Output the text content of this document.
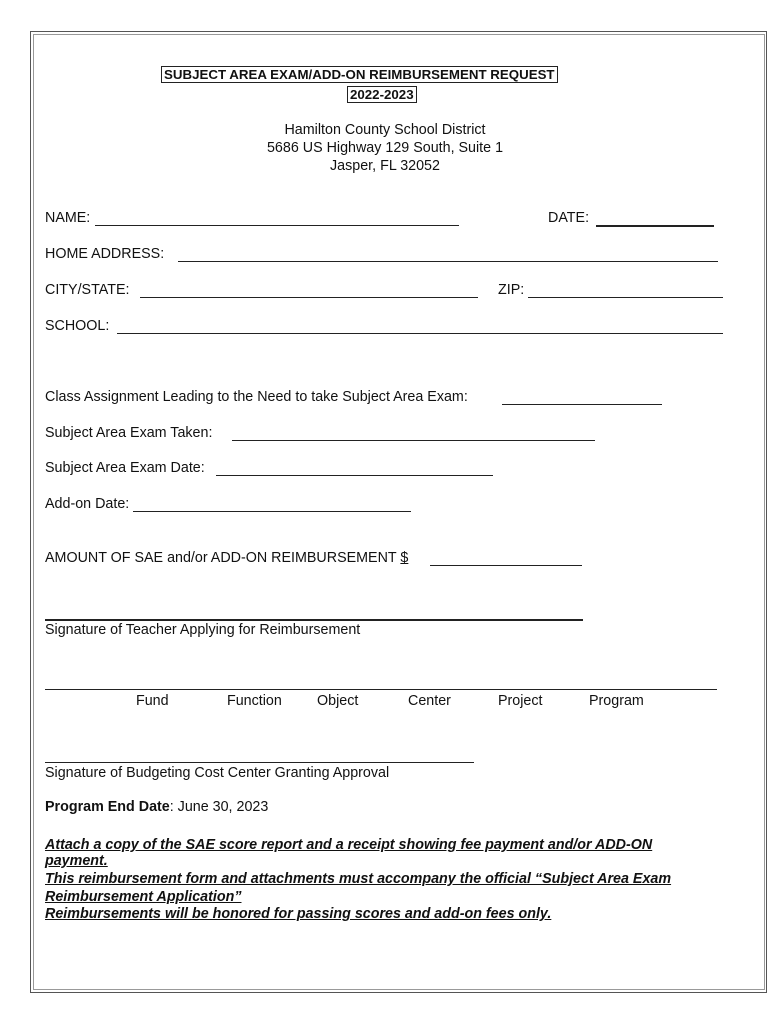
SUBJECT AREA EXAM/ADD-ON REIMBURSEMENT REQUEST
2022-2023
Hamilton County School District
5686 US Highway 129 South, Suite 1
Jasper, FL 32052
NAME:	DATE:
HOME ADDRESS:
CITY/STATE:	ZIP:
SCHOOL:
Class Assignment Leading to the Need to take Subject Area Exam:
Subject Area Exam Taken:
Subject Area Exam Date:
Add-on Date:
AMOUNT OF SAE and/or ADD-ON REIMBURSEMENT $
Signature of Teacher Applying for Reimbursement
Fund	Function Object	Center	Project	Program
Signature of Budgeting Cost Center Granting Approval
Program End Date: June 30, 2023
Attach a copy of the SAE score report and a receipt showing fee payment and/or ADD-ON
payment.
This reimbursement form and attachments must accompany the official “Subject Area Exam
Reimbursement Application”
Reimbursements will be honored for passing scores and add-on fees only.
